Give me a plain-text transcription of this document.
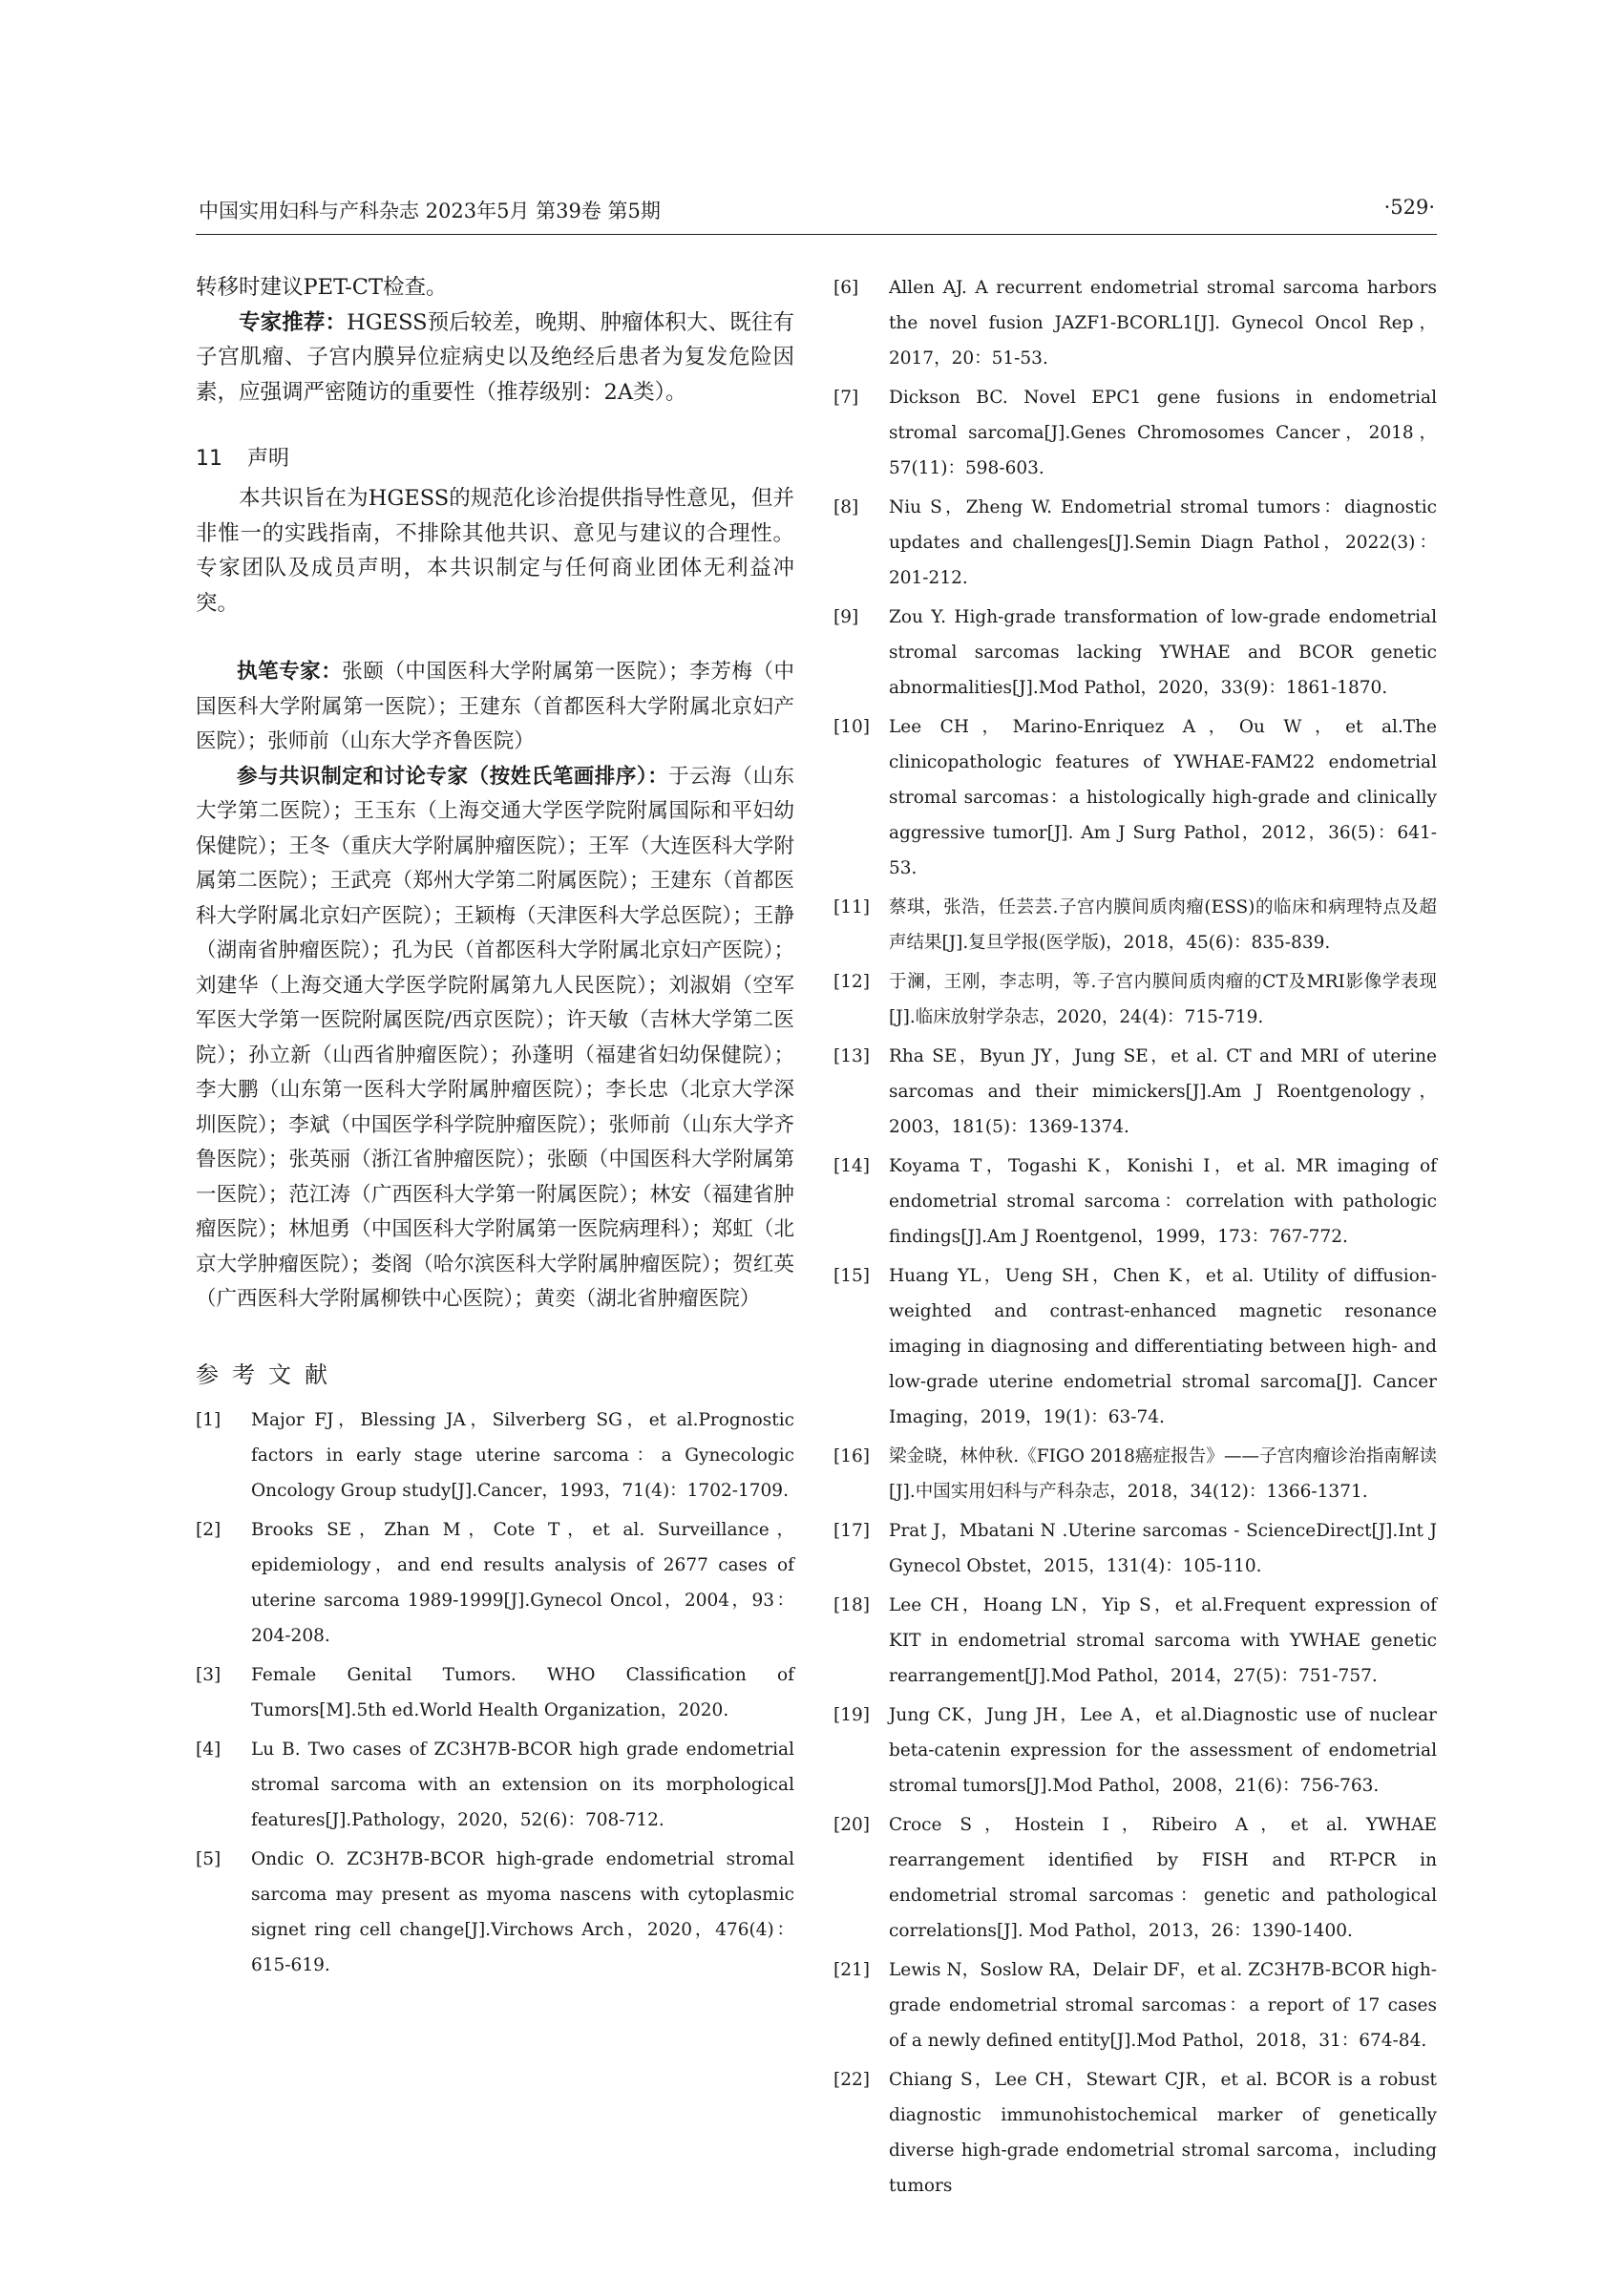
中国实用妇科与产科杂志 2023年5月 第39卷 第5期	·529·

转移时建议PET-CT检查。

专家推荐：HGESS预后较差，晚期、肿瘤体积大、既往有子宫肌瘤、子宫内膜异位症病史以及绝经后患者为复发危险因素，应强调严密随访的重要性（推荐级别：2A类）。

11 声明

本共识旨在为HGESS的规范化诊治提供指导性意见，但并非惟一的实践指南，不排除其他共识、意见与建议的合理性。专家团队及成员声明，本共识制定与任何商业团体无利益冲突。

执笔专家：张颐（中国医科大学附属第一医院）；李芳梅（中国医科大学附属第一医院）；王建东（首都医科大学附属北京妇产医院）；张师前（山东大学齐鲁医院）

参与共识制定和讨论专家（按姓氏笔画排序）：于云海（山东大学第二医院）；王玉东（上海交通大学医学院附属国际和平妇幼保健院）；王冬（重庆大学附属肿瘤医院）；王军（大连医科大学附属第二医院）；王武亮（郑州大学第二附属医院）；王建东（首都医科大学附属北京妇产医院）；王颖梅（天津医科大学总医院）；王静（湖南省肿瘤医院）；孔为民（首都医科大学附属北京妇产医院）；刘建华（上海交通大学医学院附属第九人民医院）；刘淑娟（空军军医大学第一医院附属医院/西京医院）；许天敏（吉林大学第二医院）；孙立新（山西省肿瘤医院）；孙蓬明（福建省妇幼保健院）；李大鹏（山东第一医科大学附属肿瘤医院）；李长忠（北京大学深圳医院）；李斌（中国医学科学院肿瘤医院）；张师前（山东大学齐鲁医院）；张英丽（浙江省肿瘤医院）；张颐（中国医科大学附属第一医院）；范江涛（广西医科大学第一附属医院）；林安（福建省肿瘤医院）；林旭勇（中国医科大学附属第一医院病理科）；郑虹（北京大学肿瘤医院）；娄阁（哈尔滨医科大学附属肿瘤医院）；贺红英（广西医科大学附属柳铁中心医院）；黄奕（湖北省肿瘤医院）

参考文献
[1] Major FJ，Blessing JA，Silverberg SG，et al.Prognostic factors in early stage uterine sarcoma：a Gynecologic Oncology Group study[J].Cancer，1993，71(4)：1702-1709.
[2] Brooks SE，Zhan M，Cote T，et al. Surveillance，epidemiology，and end results analysis of 2677 cases of uterine sarcoma 1989-1999[J].Gynecol Oncol，2004，93：204-208.
[3] Female Genital Tumors. WHO Classification of Tumors[M].5th ed.World Health Organization，2020.
[4] Lu B. Two cases of ZC3H7B-BCOR high grade endometrial stromal sarcoma with an extension on its morphological features[J].Pathology，2020，52(6)：708-712.
[5] Ondic O. ZC3H7B-BCOR high-grade endometrial stromal sarcoma may present as myoma nascens with cytoplasmic signet ring cell change[J].Virchows Arch，2020，476(4)：615-619.
[6] Allen AJ. A recurrent endometrial stromal sarcoma harbors the novel fusion JAZF1-BCORL1[J]. Gynecol Oncol Rep，2017，20：51-53.
[7] Dickson BC. Novel EPC1 gene fusions in endometrial stromal sarcoma[J].Genes Chromosomes Cancer，2018，57(11)：598-603.
[8] Niu S，Zheng W. Endometrial stromal tumors：diagnostic updates and challenges[J].Semin Diagn Pathol，2022(3)：201-212.
[9] Zou Y. High-grade transformation of low-grade endometrial stromal sarcomas lacking YWHAE and BCOR genetic abnormalities[J].Mod Pathol，2020，33(9)：1861-1870.
[10] Lee CH，Marino-Enriquez A，Ou W，et al.The clinicopathologic features of YWHAE-FAM22 endometrial stromal sarcomas：a histologically high-grade and clinically aggressive tumor[J]. Am J Surg Pathol，2012，36(5)：641-53.
[11] 蔡琪，张浩，任芸芸.子宫内膜间质肉瘤(ESS)的临床和病理特点及超声结果[J].复旦学报(医学版)，2018，45(6)：835-839.
[12] 于澜，王刚，李志明，等.子宫内膜间质肉瘤的CT及MRI影像学表现[J].临床放射学杂志，2020，24(4)：715-719.
[13] Rha SE，Byun JY，Jung SE，et al. CT and MRI of uterine sarcomas and their mimickers[J].Am J Roentgenology，2003，181(5)：1369-1374.
[14] Koyama T，Togashi K，Konishi I，et al. MR imaging of endometrial stromal sarcoma：correlation with pathologic findings[J].Am J Roentgenol，1999，173：767-772.
[15] Huang YL，Ueng SH，Chen K，et al. Utility of diffusion-weighted and contrast-enhanced magnetic resonance imaging in diagnosing and differentiating between high- and low-grade uterine endometrial stromal sarcoma[J]. Cancer Imaging，2019，19(1)：63-74.
[16] 梁金晓，林仲秋.《FIGO 2018癌症报告》——子宫肉瘤诊治指南解读[J].中国实用妇科与产科杂志，2018，34(12)：1366-1371.
[17] Prat J，Mbatani N .Uterine sarcomas - ScienceDirect[J].Int J Gynecol Obstet，2015，131(4)：105-110.
[18] Lee CH，Hoang LN，Yip S，et al.Frequent expression of KIT in endometrial stromal sarcoma with YWHAE genetic rearrangement[J].Mod Pathol，2014，27(5)：751-757.
[19] Jung CK，Jung JH，Lee A，et al.Diagnostic use of nuclear beta-catenin expression for the assessment of endometrial stromal tumors[J].Mod Pathol，2008，21(6)：756-763.
[20] Croce S，Hostein I，Ribeiro A，et al. YWHAE rearrangement identified by FISH and RT-PCR in endometrial stromal sarcomas：genetic and pathological correlations[J]. Mod Pathol，2013，26：1390-1400.
[21] Lewis N，Soslow RA，Delair DF，et al. ZC3H7B-BCOR high-grade endometrial stromal sarcomas：a report of 17 cases of a newly defined entity[J].Mod Pathol，2018，31：674-84.
[22] Chiang S，Lee CH，Stewart CJR，et al. BCOR is a robust diagnostic immunohistochemical marker of genetically diverse high-grade endometrial stromal sarcoma，including tumors
